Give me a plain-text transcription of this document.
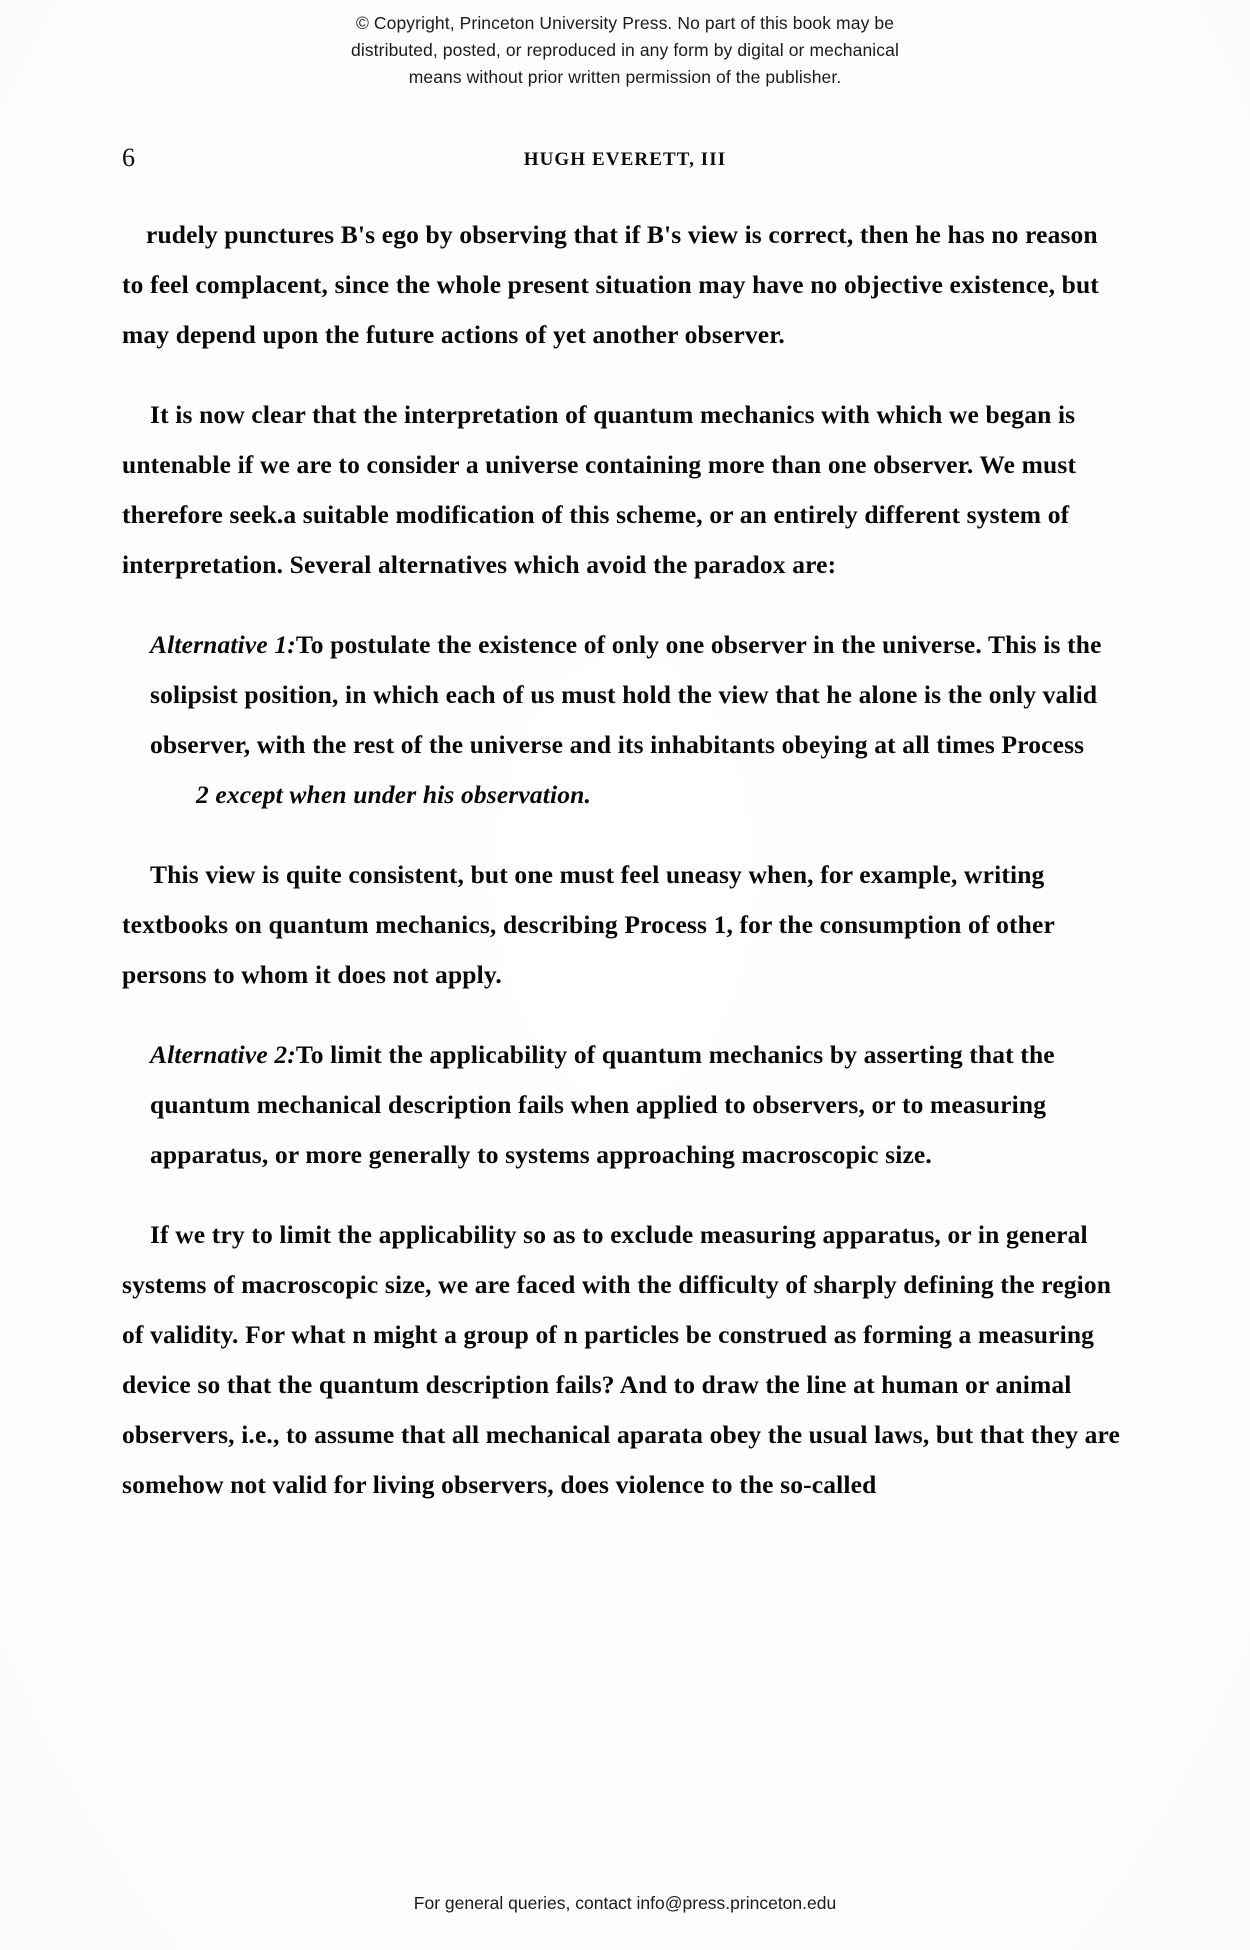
© Copyright, Princeton University Press. No part of this book may be
distributed, posted, or reproduced in any form by digital or mechanical
means without prior written permission of the publisher.
6	HUGH EVERETT, III

rudely punctures B's ego by observing that if B's view is correct, then he has no reason to feel complacent, since the whole present situation may have no objective existence, but may depend upon the future actions of yet another observer.

It is now clear that the interpretation of quantum mechanics with which we began is untenable if we are to consider a universe containing more than one observer. We must therefore seek.a suitable modification of this scheme, or an entirely different system of interpretation. Several alternatives which avoid the paradox are:

Alternative 1:To postulate the existence of only one observer in the universe. This is the solipsist position, in which each of us must hold the view that he alone is the only valid observer, with the rest of the universe and its inhabitants obeying at all times Process
2 except when under his observation.

This view is quite consistent, but one must feel uneasy when, for example, writing textbooks on quantum mechanics, describing Process 1, for the consumption of other persons to whom it does not apply.

Alternative 2:To limit the applicability of quantum mechanics by asserting that the quantum mechanical description fails when applied to observers, or to measuring apparatus, or more generally to systems approaching macroscopic size.

If we try to limit the applicability so as to exclude measuring apparatus, or in general systems of macroscopic size, we are faced with the difficulty of sharply defining the region of validity. For what n might a group of n particles be construed as forming a measuring device so that the quantum description fails? And to draw the line at human or animal observers, i.e., to assume that all mechanical aparata obey the usual laws, but that they are somehow not valid for living observers, does violence to the so-called

For general queries, contact info@press.princeton.edu
